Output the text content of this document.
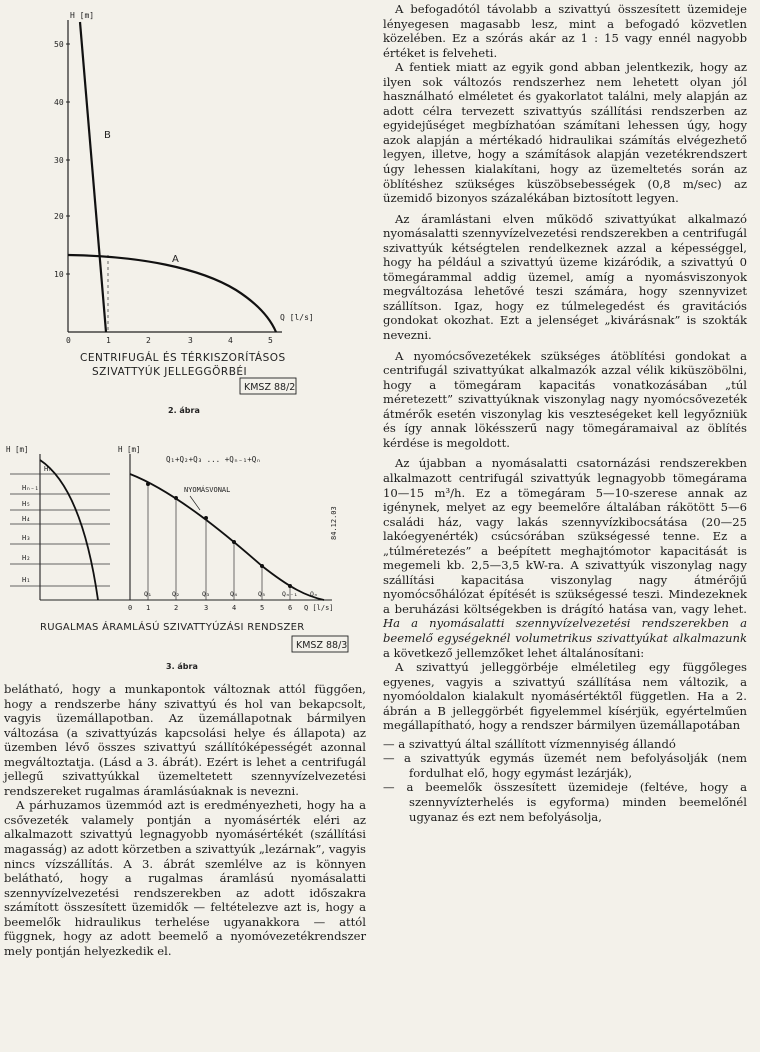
H [m]
Q [l/s]
50
40
30
20
10
0	1	2	3	4	5
B
A
CENTRIFUGÁL ÉS TÉRKISZORÍTÁSOS
SZIVATTYÚK JELLEGGÖRBÉI
KMSZ 88/2
2. ábra
H [m]
Hₙ
Hₙ₋₁
H₅
H₄
H₃
H₂
H₁
H [m]
Q₁+Q₂+Q₃ ... +Qₙ₋₁+Qₙ
NYOMÁSVONAL
Q₁	Q₂	Q₃	Q₄	Q₅ Qₙ₋₁ Qₙ
0 1	2	3	4	5	6 Q [l/s]
84.12.03
RUGALMAS ÁRAMLÁSÚ SZIVATTYÚZÁSI RENDSZER
KMSZ 88/3
3. ábra

belátható, hogy a munkapontok változnak attól függően, hogy a rendszerbe hány szivattyú és hol van bekapcsolt, vagyis üzemállapotban. Az üzemállapotnak bármilyen változása (a szivattyúzás kapcsolási helye és állapota) az üzemben lévő összes szivattyú szállítóképességét azonnal megváltoztatja. (Lásd a 3. ábrát). Ezért is lehet a centrifugál jellegű szivattyúkkal üzemeltetett szennyvízelvezetési rendszereket rugalmas áramlásúaknak is nevezni.

A párhuzamos üzemmód azt is eredményezheti, hogy ha a csővezeték valamely pontján a nyomásérték eléri az alkalmazott szivattyú legnagyobb nyomásértékét (szállítási magasság) az adott körzetben a szivattyúk „lezárnak”, vagyis nincs vízszállítás. A 3. ábrát szemlélve az is könnyen belátható, hogy a rugalmas áramlású nyomásalatti szennyvízelvezetési rendszerekben az adott időszakra számított összesített üzemidők — feltételezve azt is, hogy a beemelők hidraulikus terhelése ugyanakkora — attól függnek, hogy az adott beemelő a nyomóvezetékrendszer mely pontján helyezkedik el.

A befogadótól távolabb a szivattyú összesített üzemideje lényegesen magasabb lesz, mint a befogadó közvetlen közelében. Ez a szórás akár az 1 : 15 vagy ennél nagyobb értéket is felveheti.

A fentiek miatt az egyik gond abban jelentkezik, hogy az ilyen sok változós rendszerhez nem lehetett olyan jól használható elméletet és gyakorlatot találni, mely alapján az adott célra tervezett szivattyús szállítási rendszerben az egyidejűséget megbízhatóan számítani lehessen úgy, hogy azok alapján a mértékadó hidraulikai számítás elvégezhető legyen, illetve, hogy a számítások alapján vezetékrendszert úgy lehessen kialakítani, hogy az üzemeltetés során az öblítéshez szükséges küszöbsebességek (0,8 m/sec) az üzemidő bizonyos százalékában biztosított legyen.

Az áramlástani elven működő szivattyúkat alkalmazó nyomásalatti szennyvízelvezetési rendszerekben a centrifugál szivattyúk kétségtelen rendelkeznek azzal a képességgel, hogy ha például a szivattyú üzeme kizáródik, a szivattyú 0 tömegárammal addig üzemel, amíg a nyomásviszonyok megváltozása lehetővé teszi számára, hogy szennyvizet szállítson. Igaz, hogy ez túlmelegedést és gravitációs gondokat okozhat. Ezt a jelenséget „kivárásnak” is szokták nevezni.

A nyomócsővezetékek szükséges átöblítési gondokat a centrifugál szivattyúkat alkalmazók azzal vélik kiküszöbölni, hogy a tömegáram kapacitás vonatkozásában „túl méretezett” szivattyúknak viszonylag nagy nyomócsővezeték átmérők esetén viszonylag kis veszteségeket kell legyőzniük és így annak lökésszerű nagy tömegáramaival az öblítés kérdése is megoldott.

Az újabban a nyomásalatti csatornázási rendszerekben alkalmazott centrifugál szivattyúk legnagyobb tömegárama 10—15 m³/h. Ez a tömegáram 5—10-szerese annak az igénynek, melyet az egy beemelőre általában rákötött 5—6 családi ház, vagy lakás szennyvízkibocsátása (20—25 lakóegyenérték) csúcsórában szükségessé tenne. Ez a „túlméretezés” a beépített meghajtómotor kapacitását is megemeli kb. 2,5—3,5 kW-ra. A szivattyúk viszonylag nagy szállítási kapacitása viszonylag nagy átmérőjű nyomócsőhálózat építését is szükségessé teszi. Mindezeknek a beruházási költségekben is drágító hatása van, vagy lehet. Ha a nyomásalatti szennyvízelvezetési rendszerekben a beemelő egységeknél volumetrikus szivattyúkat alkalmazunk a következő jellemzőket lehet általánosítani:

A szivattyú jelleggörbéje elméletileg egy függőleges egyenes, vagyis a szivattyú szállítása nem változik, a nyomóoldalon kialakult nyomásértéktől független. Ha a 2. ábrán a B jelleggörbét figyelemmel kísérjük, egyértelműen megállapítható, hogy a rendszer bármilyen üzemállapotában

— a szivattyú által szállított vízmennyiség állandó
— a szivattyúk egymás üzemét nem befolyásolják (nem fordulhat elő, hogy egymást lezárják),
— a beemelők összesített üzemideje (feltéve, hogy a szennyvízterhelés is egyforma) minden beemelőnél ugyanaz és ezt nem befolyásolja,
